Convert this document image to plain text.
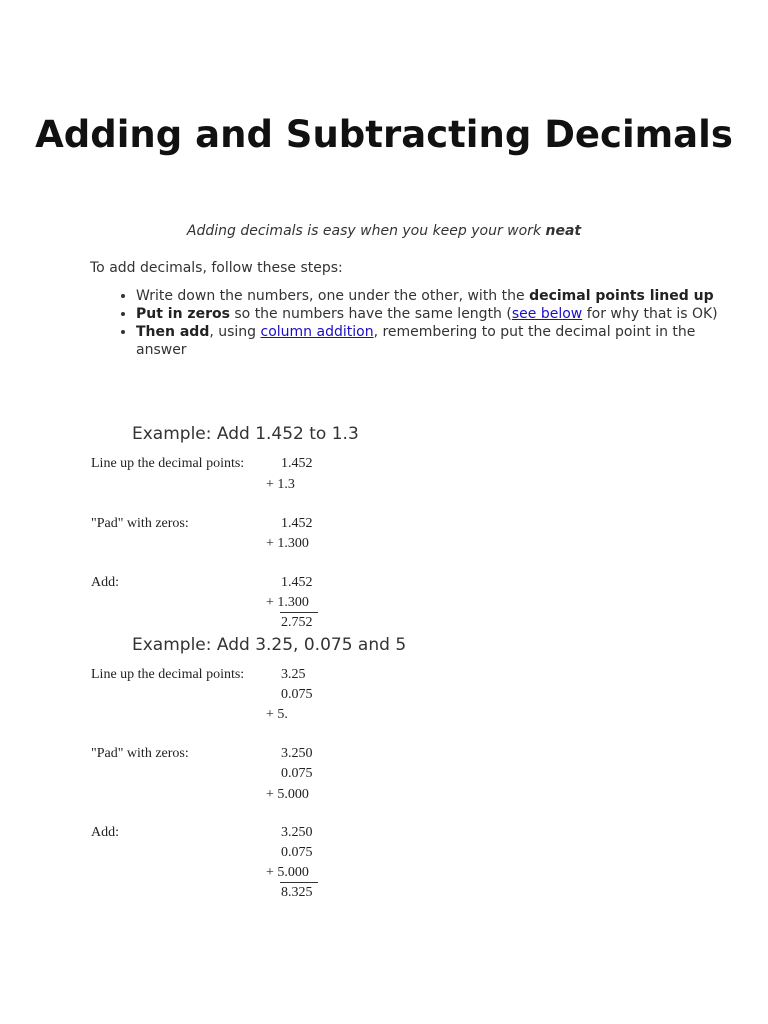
Adding and Subtracting Decimals
Adding decimals is easy when you keep your work neat
To add decimals, follow these steps:
• Write down the numbers, one under the other, with the decimal points lined up
• Put in zeros so the numbers have the same length (see below for why that is OK)
• Then add, using column addition, remembering to put the decimal point in the answer
Example: Add 1.452 to 1.3
Line up the decimal points:	1.452
+ 1.3
"Pad" with zeros:	1.452
+ 1.300
Add:	1.452
+ 1.300
2.752
Example: Add 3.25, 0.075 and 5
Line up the decimal points:	3.25
0.075
+ 5.
"Pad" with zeros:	3.250
0.075
+ 5.000
Add:	3.250
0.075
+ 5.000
8.325
